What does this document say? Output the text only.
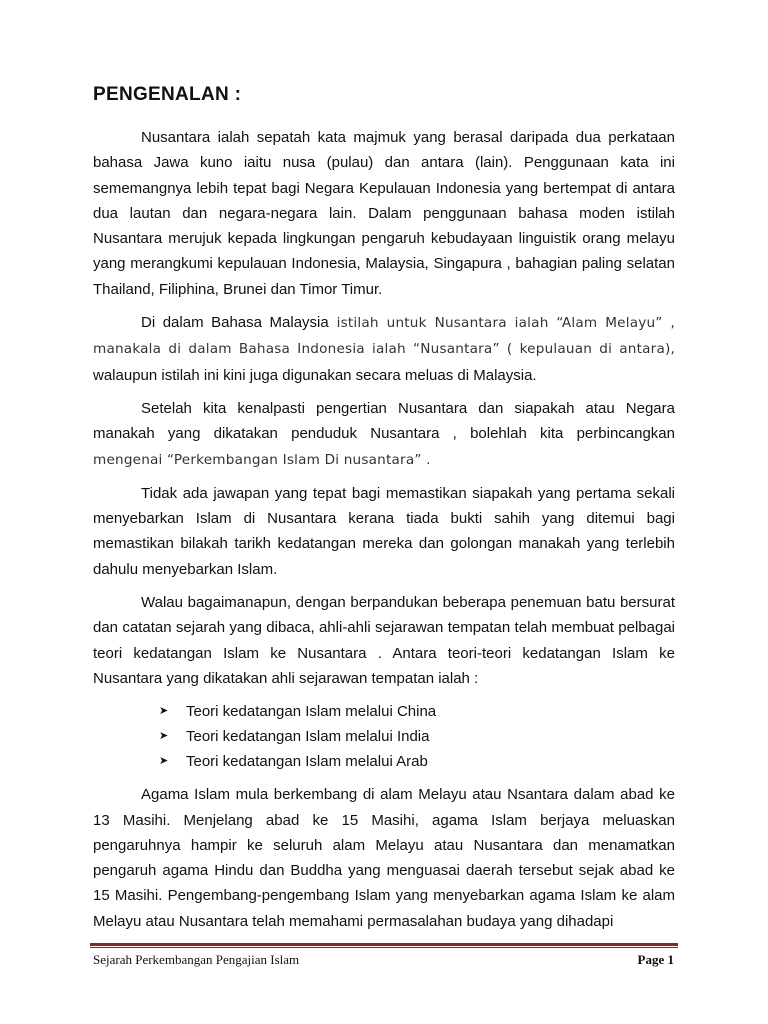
PENGENALAN :

Nusantara ialah sepatah kata majmuk yang berasal daripada dua perkataan bahasa Jawa kuno iaitu nusa (pulau) dan antara (lain). Penggunaan kata ini sememangnya lebih tepat bagi Negara Kepulauan Indonesia yang bertempat di antara dua lautan dan negara-negara lain. Dalam penggunaan bahasa moden istilah Nusantara merujuk kepada lingkungan pengaruh kebudayaan linguistik orang melayu yang merangkumi kepulauan Indonesia, Malaysia, Singapura , bahagian paling selatan Thailand, Filiphina, Brunei dan Timor Timur.

Di dalam Bahasa Malaysia istilah untuk Nusantara ialah “Alam Melayu” , manakala di dalam Bahasa Indonesia ialah “Nusantara” ( kepulauan di antara), walaupun istilah ini kini juga digunakan secara meluas di Malaysia.

Setelah kita kenalpasti pengertian Nusantara dan siapakah atau Negara manakah yang dikatakan penduduk Nusantara , bolehlah kita perbincangkan mengenai “Perkembangan Islam Di nusantara” .

Tidak ada jawapan yang tepat bagi memastikan siapakah yang pertama sekali menyebarkan Islam di Nusantara kerana tiada bukti sahih yang ditemui bagi memastikan bilakah tarikh kedatangan mereka dan golongan manakah yang terlebih dahulu menyebarkan Islam.

Walau bagaimanapun, dengan berpandukan beberapa penemuan batu bersurat dan catatan sejarah yang dibaca, ahli-ahli sejarawan tempatan telah membuat pelbagai teori kedatangan Islam ke Nusantara . Antara teori-teori kedatangan Islam ke Nusantara yang dikatakan ahli sejarawan tempatan ialah :

➤ Teori kedatangan Islam melalui China
➤ Teori kedatangan Islam melalui India
➤ Teori kedatangan Islam melalui Arab

Agama Islam mula berkembang di alam Melayu atau Nsantara dalam abad ke 13 Masihi. Menjelang abad ke 15 Masihi, agama Islam berjaya meluaskan pengaruhnya hampir ke seluruh alam Melayu atau Nusantara dan menamatkan pengaruh agama Hindu dan Buddha yang menguasai daerah tersebut sejak abad ke 15 Masihi. Pengembang-pengembang Islam yang menyebarkan agama Islam ke alam Melayu atau Nusantara telah memahami permasalahan budaya yang dihadapi

Sejarah Perkembangan Pengajian Islam	Page 1
